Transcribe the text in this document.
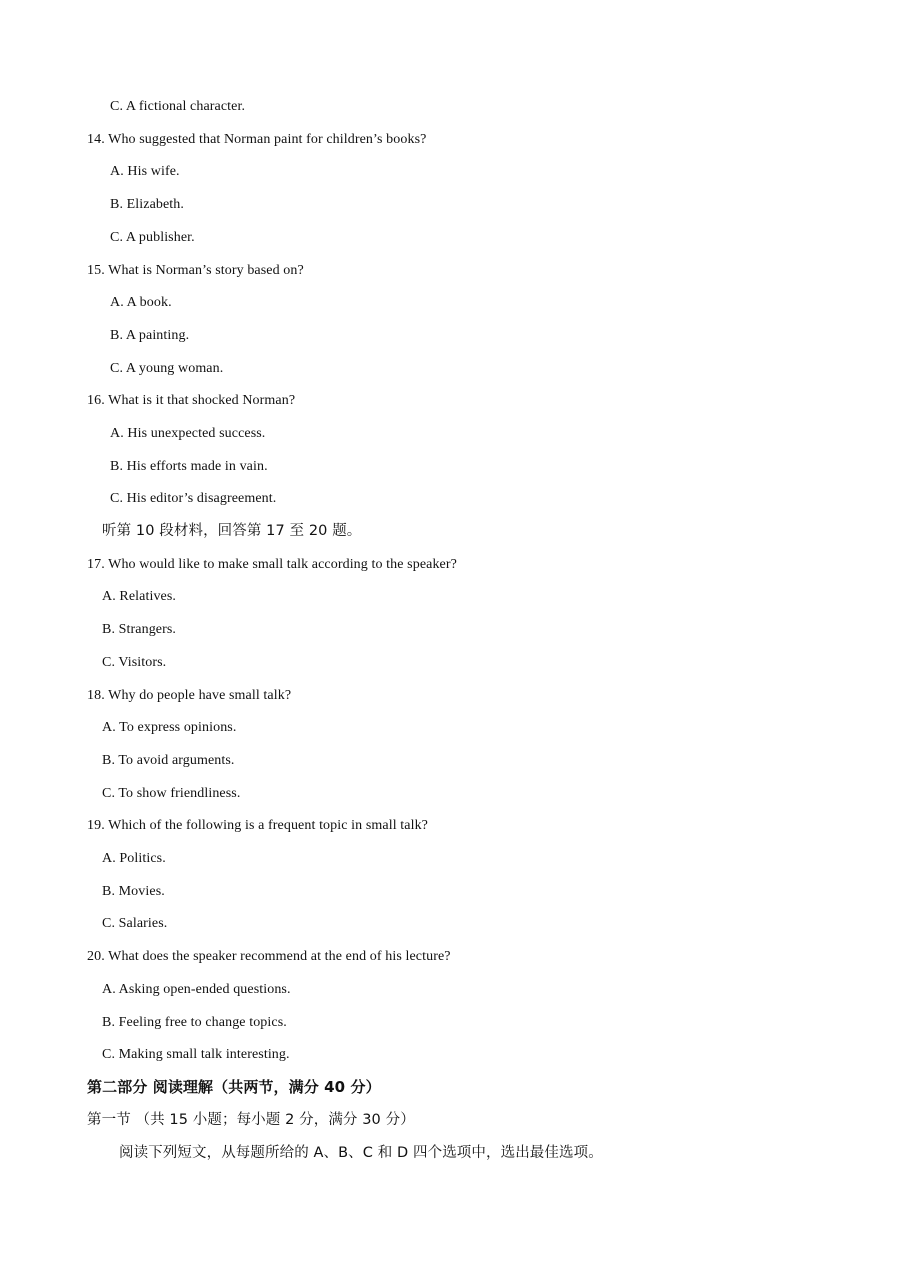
C. A fictional character.
14. Who suggested that Norman paint for children’s books?
A. His wife.
B. Elizabeth.
C. A publisher.
15. What is Norman’s story based on?
A. A book.
B. A painting.
C. A young woman.
16. What is it that shocked Norman?
A. His unexpected success.
B. His efforts made in vain.
C. His editor’s disagreement.
听第 10 段材料，回答第 17 至 20 题。
17. Who would like to make small talk according to the speaker?
A. Relatives.
B. Strangers.
C. Visitors.
18. Why do people have small talk?
A. To express opinions.
B. To avoid arguments.
C. To show friendliness.
19. Which of the following is a frequent topic in small talk?
A. Politics.
B. Movies.
C. Salaries.
20. What does the speaker recommend at the end of his lecture?
A. Asking open-ended questions.
B. Feeling free to change topics.
C. Making small talk interesting.
第二部分 阅读理解（共两节，满分 40 分）
第一节 （共 15 小题；每小题 2 分，满分 30 分）
阅读下列短文，从每题所给的 A、B、C 和 D 四个选项中，选出最佳选项。
